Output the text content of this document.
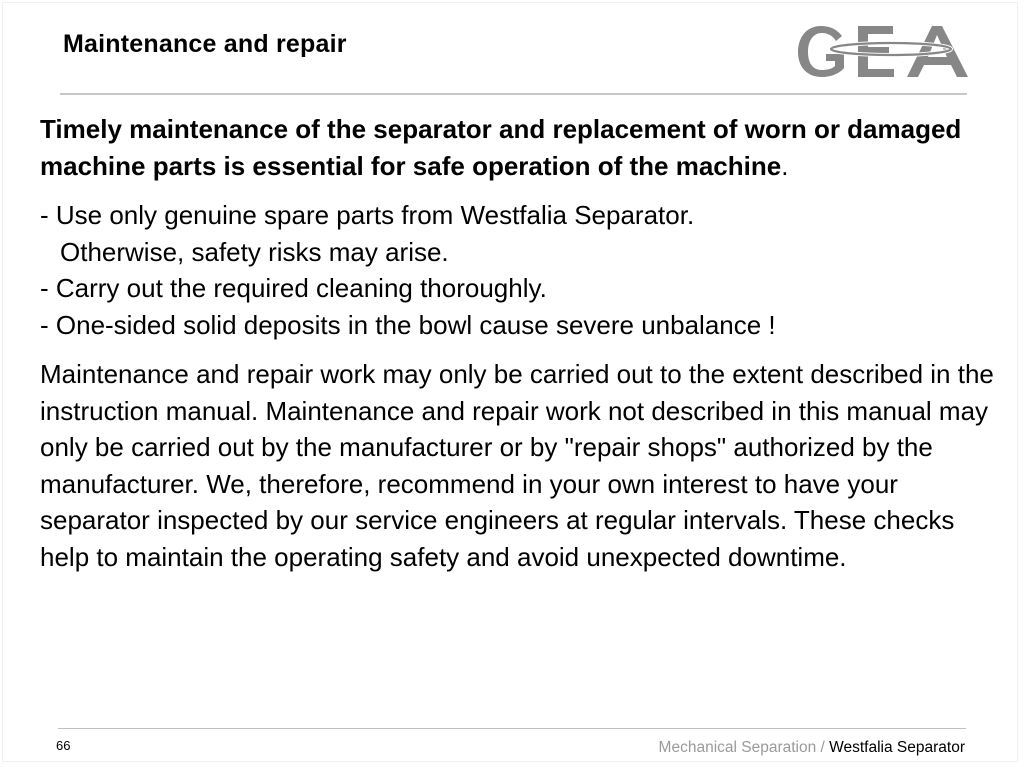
Maintenance and repair

Timely maintenance of the separator and replacement of worn or damaged machine parts is essential for safe operation of the machine.

- Use only genuine spare parts from Westfalia Separator.
Otherwise, safety risks may arise.
- Carry out the required cleaning thoroughly.
- One-sided solid deposits in the bowl cause severe unbalance !

Maintenance and repair work may only be carried out to the extent described in the instruction manual. Maintenance and repair work not described in this manual may only be carried out by the manufacturer or by "repair shops" authorized by the manufacturer. We, therefore, recommend in your own interest to have your separator inspected by our service engineers at regular intervals. These checks help to maintain the operating safety and avoid unexpected downtime.

66	Mechanical Separation / Westfalia Separator
